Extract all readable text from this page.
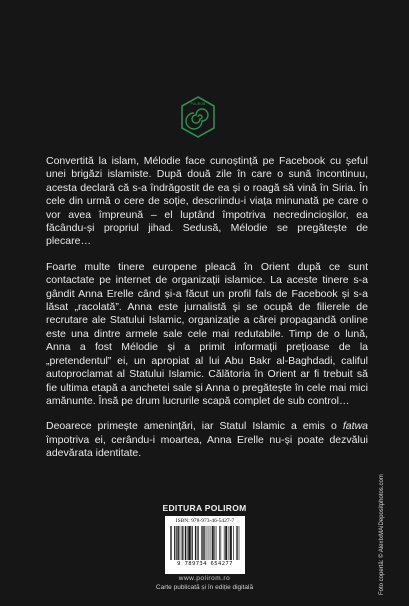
POLIROM

Convertită la islam, Mélodie face cunoștință pe Facebook cu șeful unei brigăzi islamiste. După două zile în care o sună încontinuu, acesta declară că s-a îndrăgostit de ea și o roagă să vină în Siria. În cele din urmă o cere de soție, descriindu-i viața minunată pe care o vor avea împreună – el luptând împotriva necredincioșilor, ea făcându-și propriul jihad. Sedusă, Mélodie se pregătește de plecare…

Foarte multe tinere europene pleacă în Orient după ce sunt contactate pe internet de organizații islamice. La aceste tinere s-a gândit Anna Erelle când și-a făcut un profil fals de Facebook și s-a lăsat „racolată”. Anna este jurnalistă și se ocupă de filierele de recrutare ale Statului Islamic, organizație a cărei propagandă online este una dintre armele sale cele mai redutabile. Timp de o lună, Anna a fost Mélodie și a primit informații prețioase de la „pretendentul” ei, un apropiat al lui Abu Bakr al-Baghdadi, califul autoproclamat al Statului Islamic. Călătoria în Orient ar fi trebuit să fie ultima etapă a anchetei sale și Anna o pregătește în cele mai mici amănunte. Însă pe drum lucrurile scapă complet de sub control…

Deoarece primește amenințări, iar Statul Islamic a emis o fatwa împotriva ei, cerându-i moartea, Anna Erelle nu-și poate dezvălui adevărata identitate.

EDITURA POLIROM
ISBN: 978-973-46-5427-7
9 789734 654277
www.polirom.ro
Carte publicată și în ediție digitală	Foto copertă: © AlexIxMAiDepositphotos.com
